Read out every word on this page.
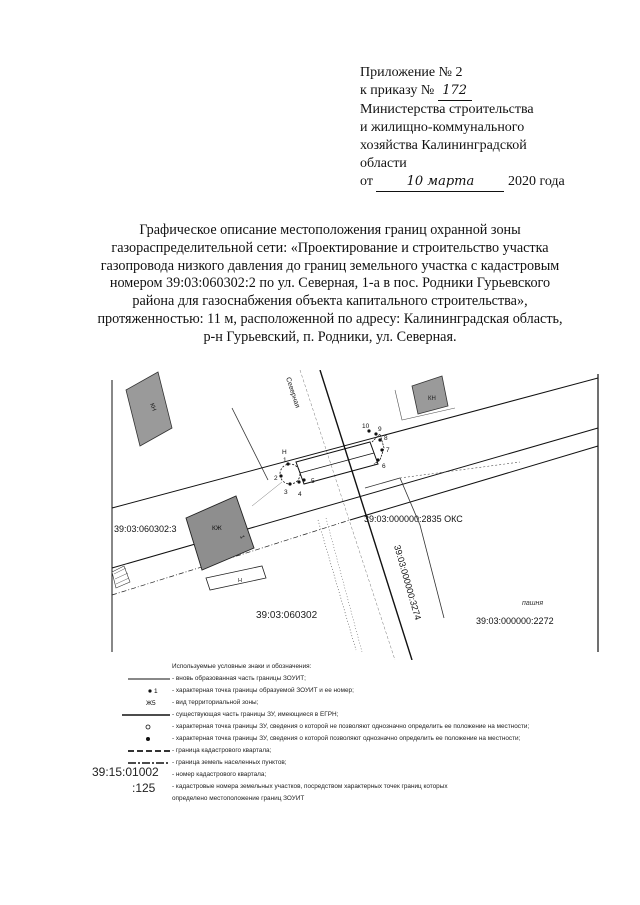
Приложение № 2
к приказу № 172
Министерства строительства
и жилищно-коммунального
хозяйства Калининградской
области
от	10 марта 2020 года
Графическое описание местоположения границ охранной зоны
газораспределительной сети: «Проектирование и строительство участка
газопровода низкого давления до границ земельного участка с кадастровым
номером 39:03:060302:2 по ул. Северная, 1-а в пос. Родники Гурьевского
района для газоснабжения объекта капитального строительства»,
протяженностью: 11 м, расположенной по адресу: Калининградская область,
р-н Гурьевский, п. Родники, ул. Северная.
КН
КН
Северная
КЖ
1
Н
1
2
3 4
5
6
7
8
9
10
Н
39:03:060302:3
39:03:060302
39:03:000000:2835 ОКС
39:03:000000:3274	39:03:000000:2272
пашня
Используемые условные знаки и обозначения:
- вновь образованная часть границы ЗОУИТ;
1 - характерная точка границы образуемой ЗОУИТ и ее номер;
Ж5	- вид территориальной зоны;
- существующая часть границы ЗУ, имеющиеся в ЕГРН;
- характерная точка границы ЗУ, сведения о которой не позволяют однозначно определить ее положение на местности;
- характерная точка границы ЗУ, сведения о которой позволяют однозначно определить ее положение на местности;
- граница кадастрового квартала;
- граница земель населенных пунктов;
39:15:01002 - номер кадастрового квартала;
:125	- кадастровые номера земельных участков, посредством характерных точек границ которых
определено местоположение границ ЗОУИТ
